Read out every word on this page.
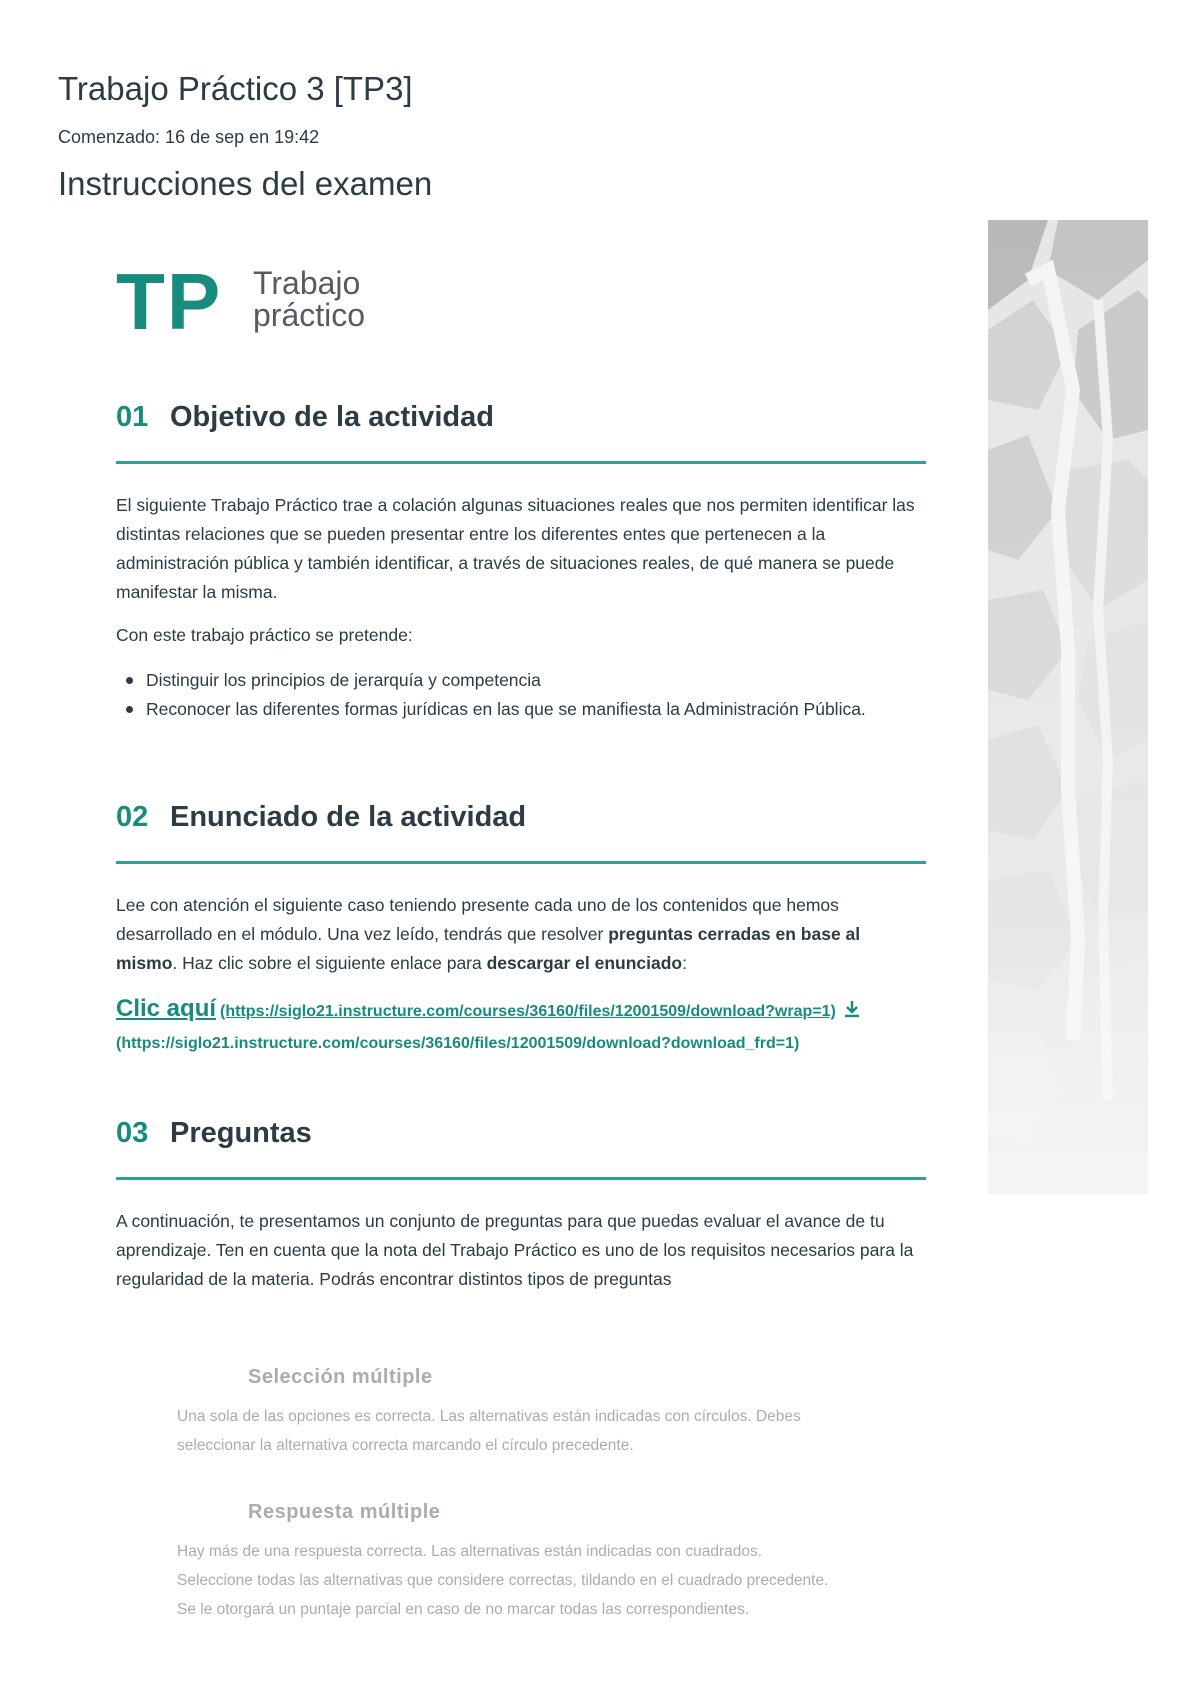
Trabajo Práctico 3 [TP3]
Comenzado: 16 de sep en 19:42
Instrucciones del examen
TP Trabajo
práctico
01 Objetivo de la actividad

El siguiente Trabajo Práctico trae a colación algunas situaciones reales que nos permiten identificar las distintas relaciones que se pueden presentar entre los diferentes entes que pertenecen a la administración pública y también identificar, a través de situaciones reales, de qué manera se puede manifestar la misma.

Con este trabajo práctico se pretende:

Distinguir los principios de jerarquía y competencia
Reconocer las diferentes formas jurídicas en las que se manifiesta la Administración Pública.
02 Enunciado de la actividad

Lee con atención el siguiente caso teniendo presente cada uno de los contenidos que hemos desarrollado en el módulo. Una vez leído, tendrás que resolver preguntas cerradas en base al mismo. Haz clic sobre el siguiente enlace para descargar el enunciado:

Clic aquí (https://siglo21.instructure.com/courses/36160/files/12001509/download?wrap=1)
(https://siglo21.instructure.com/courses/36160/files/12001509/download?download_frd=1)
03 Preguntas

A continuación, te presentamos un conjunto de preguntas para que puedas evaluar el avance de tu aprendizaje. Ten en cuenta que la nota del Trabajo Práctico es uno de los requisitos necesarios para la regularidad de la materia. Podrás encontrar distintos tipos de preguntas

Selección múltiple

Una sola de las opciones es correcta. Las alternativas están indicadas con círculos. Debes
seleccionar la alternativa correcta marcando el círculo precedente.

Respuesta múltiple

Hay más de una respuesta correcta. Las alternativas están indicadas con cuadrados.
Seleccione todas las alternativas que considere correctas, tildando en el cuadrado precedente.
Se le otorgará un puntaje parcial en caso de no marcar todas las correspondientes.
